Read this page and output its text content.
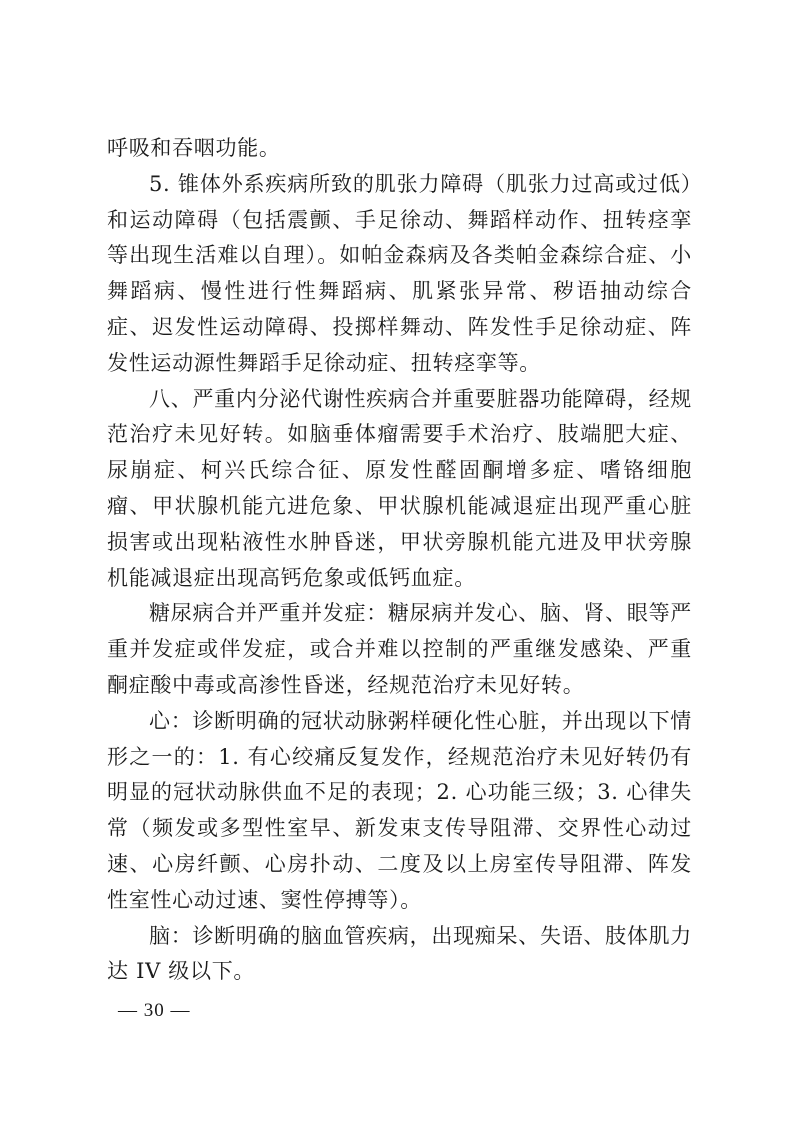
呼吸和吞咽功能。

5. 锥体外系疾病所致的肌张力障碍（肌张力过高或过低）和运动障碍（包括震颤、手足徐动、舞蹈样动作、扭转痉挛等出现生活难以自理）。如帕金森病及各类帕金森综合症、小舞蹈病、慢性进行性舞蹈病、肌紧张异常、秽语抽动综合症、迟发性运动障碍、投掷样舞动、阵发性手足徐动症、阵发性运动源性舞蹈手足徐动症、扭转痉挛等。

八、严重内分泌代谢性疾病合并重要脏器功能障碍，经规范治疗未见好转。如脑垂体瘤需要手术治疗、肢端肥大症、尿崩症、柯兴氏综合征、原发性醛固酮增多症、嗜铬细胞瘤、甲状腺机能亢进危象、甲状腺机能减退症出现严重心脏损害或出现粘液性水肿昏迷，甲状旁腺机能亢进及甲状旁腺机能减退症出现高钙危象或低钙血症。

糖尿病合并严重并发症：糖尿病并发心、脑、肾、眼等严重并发症或伴发症，或合并难以控制的严重继发感染、严重酮症酸中毒或高渗性昏迷，经规范治疗未见好转。

心：诊断明确的冠状动脉粥样硬化性心脏，并出现以下情形之一的：1. 有心绞痛反复发作，经规范治疗未见好转仍有明显的冠状动脉供血不足的表现；2. 心功能三级；3. 心律失常（频发或多型性室早、新发束支传导阻滞、交界性心动过速、心房纤颤、心房扑动、二度及以上房室传导阻滞、阵发性室性心动过速、窦性停搏等）。

脑：诊断明确的脑血管疾病，出现痴呆、失语、肢体肌力达 IV 级以下。

— 30 —
